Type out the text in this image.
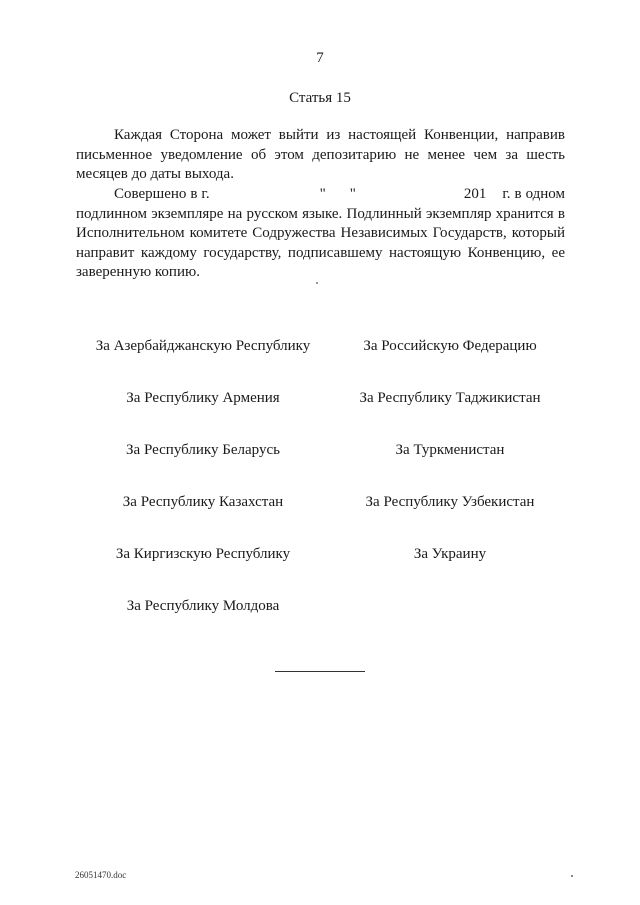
7
Статья 15

Каждая Сторона может выйти из настоящей Конвенции, направив письменное уведомление об этом депозитарию не менее чем за шесть месяцев до даты выхода.

Совершено в г.	" "	201 г. в одном подлинном экземпляре на русском языке. Подлинный экземпляр хранится в Исполнительном комитете Содружества Независимых Государств, который направит каждому государству, подписавшему настоящую Конвенцию, ее заверенную копию.

За Азербайджанскую Республику
За Республику Армения
За Республику Беларусь
За Республику Казахстан
За Киргизскую Республику
За Республику Молдова
За Российскую Федерацию
За Республику Таджикистан
За Туркменистан
За Республику Узбекистан
За Украину
26051470.doc
